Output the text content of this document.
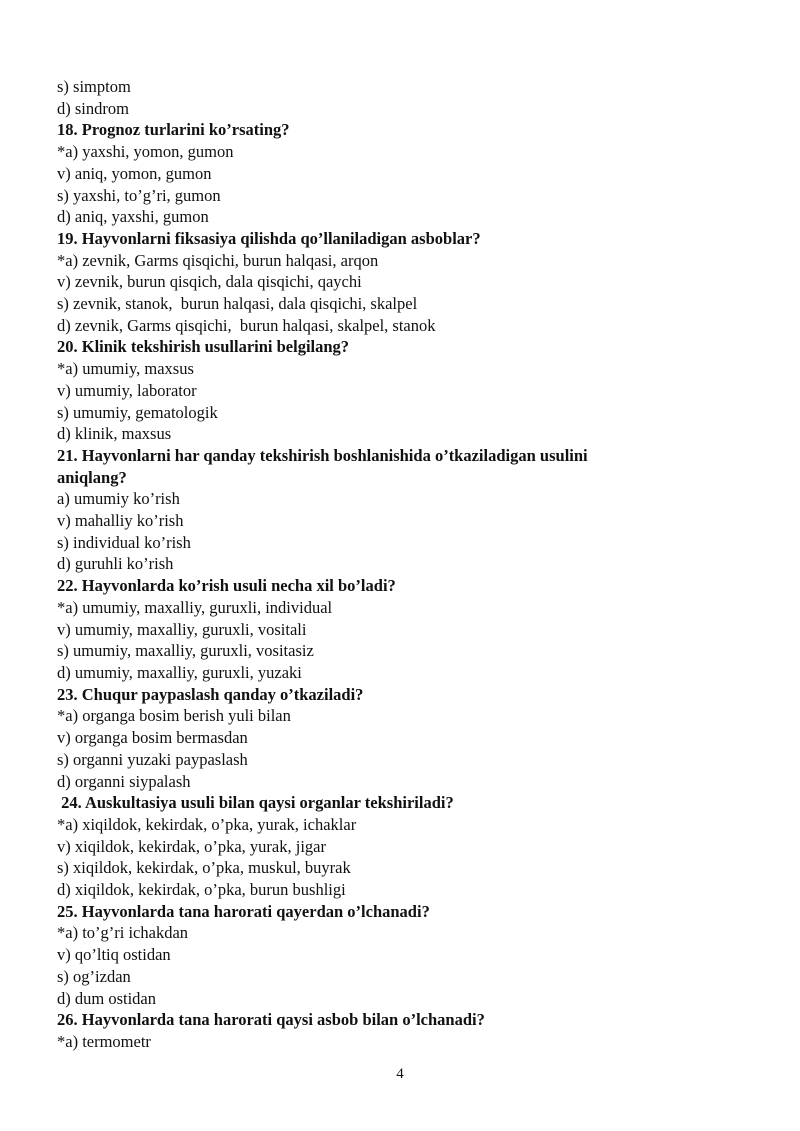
s) simptom
d) sindrom
18. Prognoz turlarini ko’rsating?
*a) yaxshi, yomon, gumon
v) aniq, yomon, gumon
s) yaxshi, to’g’ri, gumon
d) aniq, yaxshi, gumon
19. Hayvonlarni fiksasiya qilishda qo’llaniladigan asboblar?
*a) zevnik, Garms qisqichi, burun halqasi, arqon
v) zevnik, burun qisqich, dala qisqichi, qaychi
s) zevnik, stanok,  burun halqasi, dala qisqichi, skalpel
d) zevnik, Garms qisqichi,  burun halqasi, skalpel, stanok
20. Klinik tekshirish usullarini belgilang?
*a) umumiy, maxsus
v) umumiy, laborator
s) umumiy, gematologik
d) klinik, maxsus
21. Hayvonlarni har qanday tekshirish boshlanishida o’tkaziladigan usulini
aniqlang?
a) umumiy ko’rish
v) mahalliy ko’rish
s) individual ko’rish
d) guruhli ko’rish
22. Hayvonlarda ko’rish usuli necha xil bo’ladi?
*a) umumiy, maxalliy, guruxli, individual
v) umumiy, maxalliy, guruxli, vositali
s) umumiy, maxalliy, guruxli, vositasiz
d) umumiy, maxalliy, guruxli, yuzaki
23. Chuqur paypaslash qanday o’tkaziladi?
*a) organga bosim berish yuli bilan
v) organga bosim bermasdan
s) organni yuzaki paypaslash
d) organni siypalash
24. Auskultasiya usuli bilan qaysi organlar tekshiriladi?
*a) xiqildok, kekirdak, o’pka, yurak, ichaklar
v) xiqildok, kekirdak, o’pka, yurak, jigar
s) xiqildok, kekirdak, o’pka, muskul, buyrak
d) xiqildok, kekirdak, o’pka, burun bushligi
25. Hayvonlarda tana harorati qayerdan o’lchanadi?
*a) to’g’ri ichakdan
v) qo’ltiq ostidan
s) og’izdan
d) dum ostidan
26. Hayvonlarda tana harorati qaysi asbob bilan o’lchanadi?
*a) termometr
4
